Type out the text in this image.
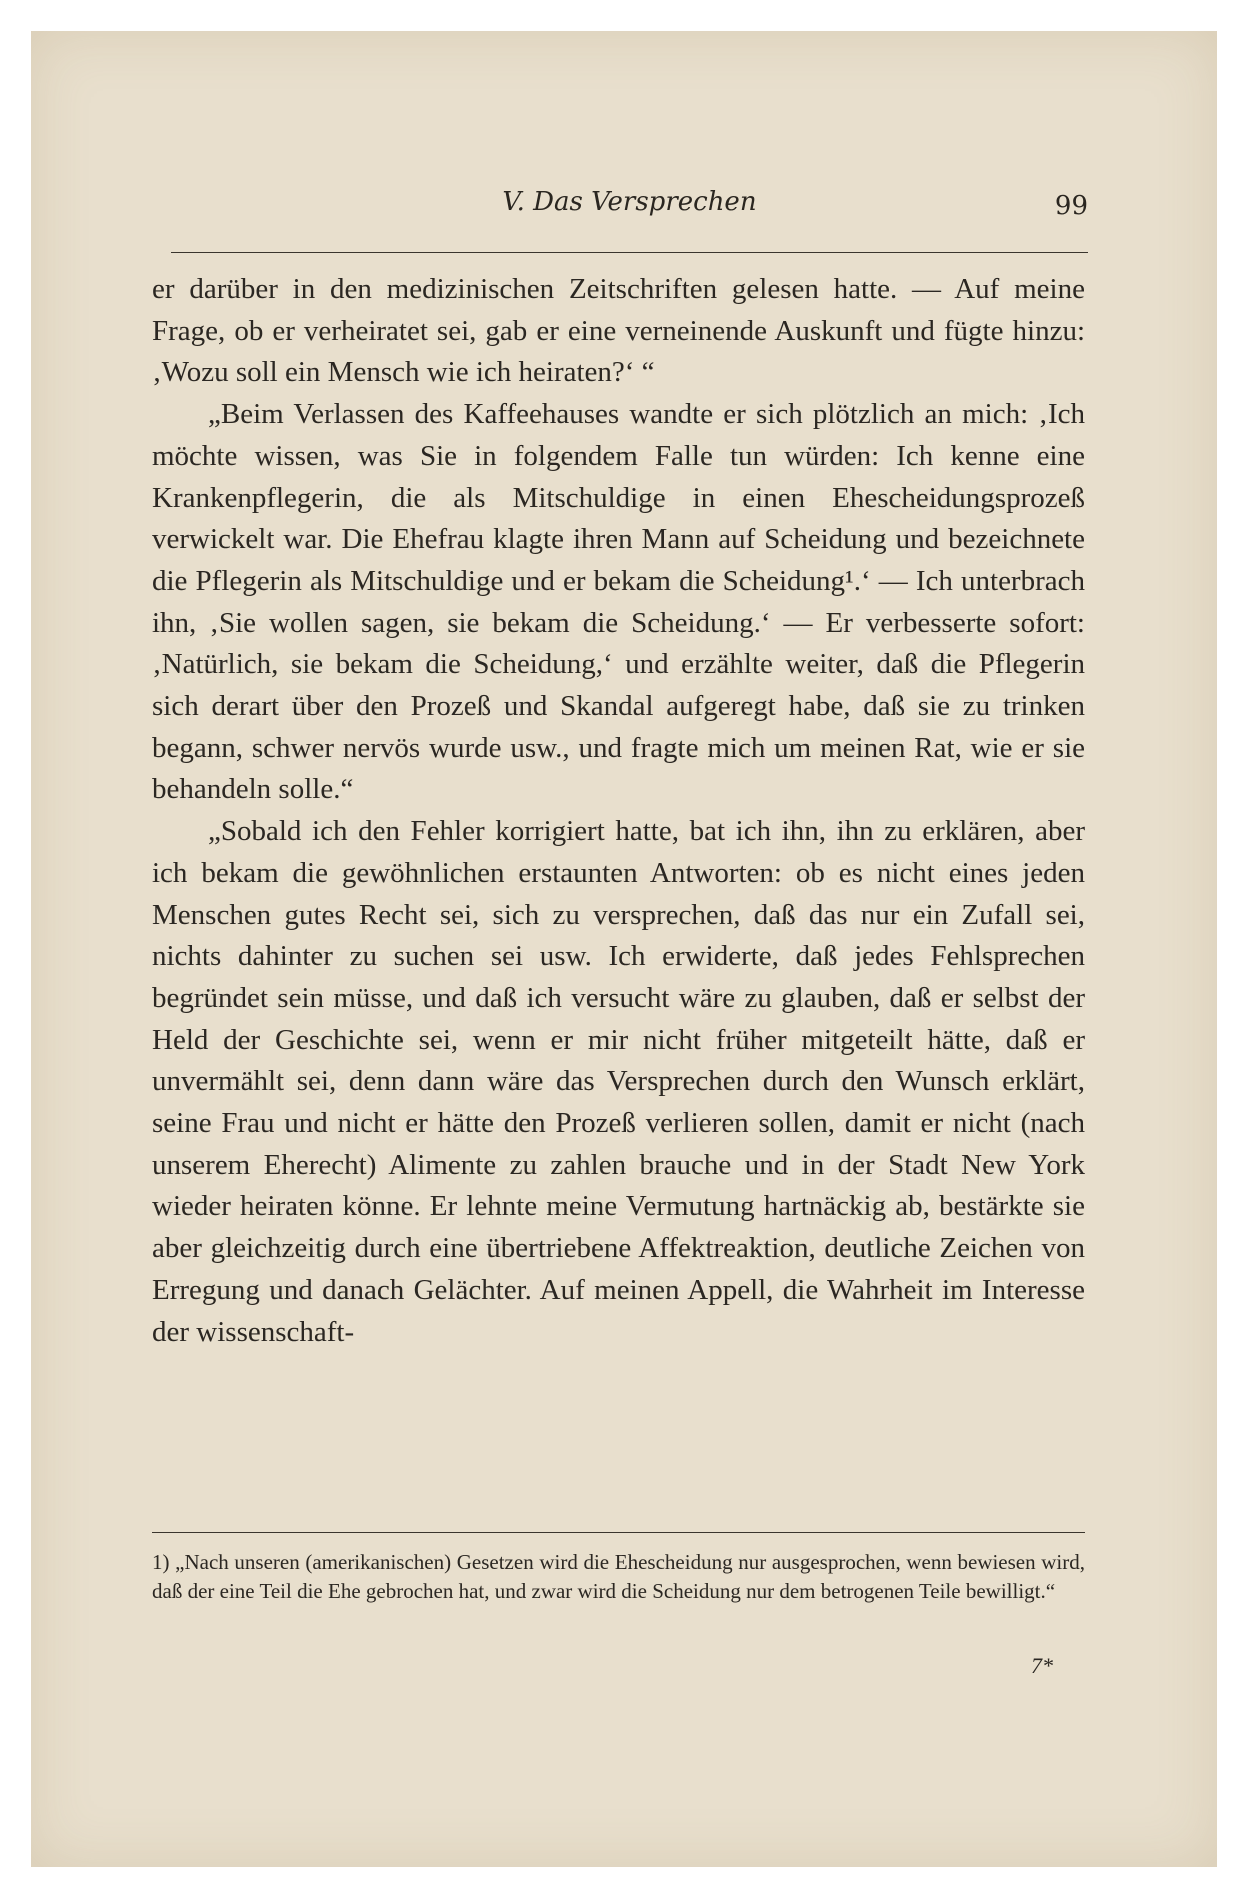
V. Das Versprechen	99

er darüber in den medizinischen Zeitschriften gelesen hatte. — Auf meine Frage, ob er verheiratet sei, gab er eine verneinende Auskunft und fügte hinzu: ‚Wozu soll ein Mensch wie ich heiraten?‘ “

„Beim Verlassen des Kaffeehauses wandte er sich plötzlich an mich: ‚Ich möchte wissen, was Sie in folgendem Falle tun würden: Ich kenne eine Krankenpflegerin, die als Mitschuldige in einen Ehescheidungsprozeß verwickelt war. Die Ehefrau klagte ihren Mann auf Scheidung und bezeichnete die Pflegerin als Mitschuldige und er bekam die Scheidung¹.‘ — Ich unterbrach ihn, ‚Sie wollen sagen, sie bekam die Scheidung.‘ — Er verbesserte sofort: ‚Natürlich, sie bekam die Scheidung,‘ und erzählte weiter, daß die Pflegerin sich derart über den Prozeß und Skandal aufgeregt habe, daß sie zu trinken begann, schwer nervös wurde usw., und fragte mich um meinen Rat, wie er sie behandeln solle.“

„Sobald ich den Fehler korrigiert hatte, bat ich ihn, ihn zu erklären, aber ich bekam die gewöhnlichen erstaunten Antworten: ob es nicht eines jeden Menschen gutes Recht sei, sich zu versprechen, daß das nur ein Zufall sei, nichts dahinter zu suchen sei usw. Ich erwiderte, daß jedes Fehlsprechen begründet sein müsse, und daß ich versucht wäre zu glauben, daß er selbst der Held der Geschichte sei, wenn er mir nicht früher mitgeteilt hätte, daß er unvermählt sei, denn dann wäre das Versprechen durch den Wunsch erklärt, seine Frau und nicht er hätte den Prozeß verlieren sollen, damit er nicht (nach unserem Eherecht) Alimente zu zahlen brauche und in der Stadt New York wieder heiraten könne. Er lehnte meine Vermutung hartnäckig ab, bestärkte sie aber gleichzeitig durch eine übertriebene Affektreaktion, deutliche Zeichen von Erregung und danach Gelächter. Auf meinen Appell, die Wahrheit im Interesse der wissenschaft-

1) „Nach unseren (amerikanischen) Gesetzen wird die Ehescheidung nur ausgesprochen, wenn bewiesen wird, daß der eine Teil die Ehe gebrochen hat, und zwar wird die Scheidung nur dem betrogenen Teile bewilligt.“
7*
